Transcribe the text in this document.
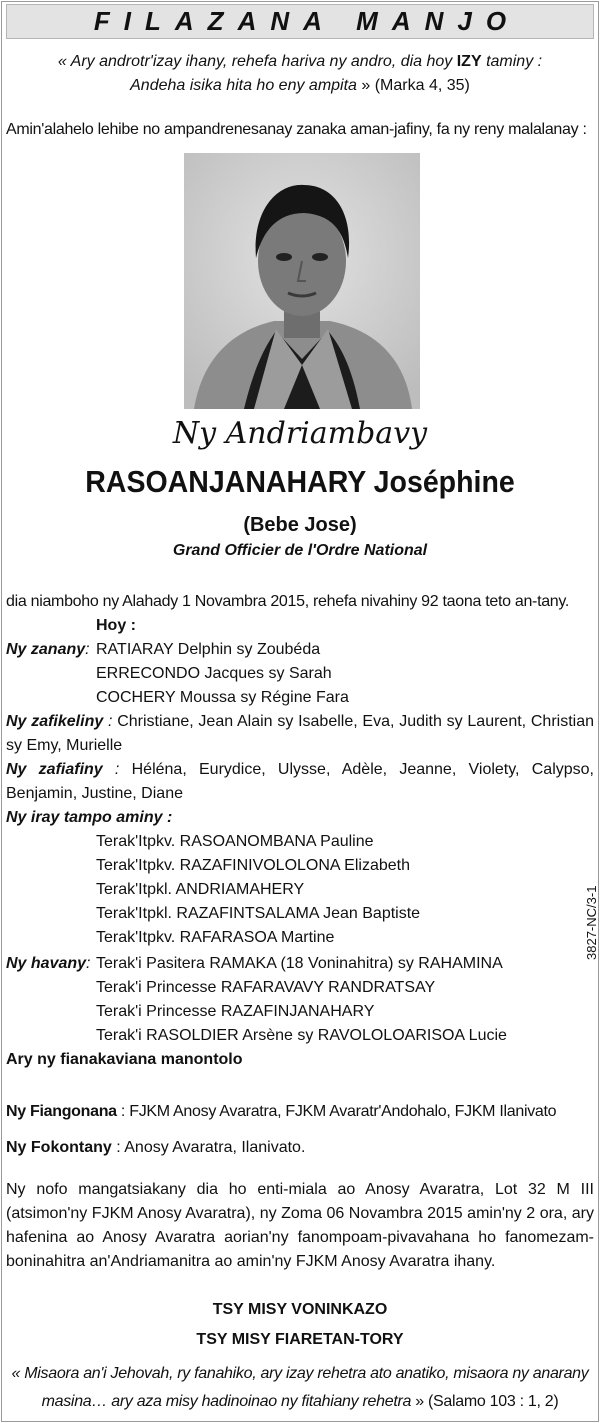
FILAZANA MANJO
« Ary androtr'izay ihany, rehefa hariva ny andro, dia hoy IZY taminy :
Andeha isika hita ho eny ampita » (Marka 4, 35)
Amin'alahelo lehibe no ampandrenesanay zanaka aman-jafiny, fa ny reny malalanay :
Ny Andriambavy
RASOANJANAHARY Joséphine
(Bebe Jose)
Grand Officier de l'Ordre National
dia niamboho ny Alahady 1 Novambra 2015, rehefa nivahiny 92 taona teto an-tany.
Hoy :
Ny zanany: RATIARAY Delphin sy Zoubéda
ERRECONDO Jacques sy Sarah
COCHERY Moussa sy Régine Fara
Ny zafikeliny : Christiane, Jean Alain sy Isabelle, Eva, Judith sy Laurent, Christian sy Emy, Murielle
Ny zafiafiny : Héléna, Eurydice, Ulysse, Adèle, Jeanne, Violety, Calypso, Benjamin, Justine, Diane
Ny iray tampo aminy :
Terak'Itpkv. RASOANOMBANA Pauline
Terak'Itpkv. RAZAFINIVOLOLONA Elizabeth
Terak'Itpkl. ANDRIAMAHERY
Terak'Itpkl. RAZAFINTSALAMA Jean Baptiste
Terak'Itpkv. RAFARASOA Martine
Ny havany: Terak'i Pasitera RAMAKA (18 Voninahitra) sy RAHAMINA
Terak'i Princesse RAFARAVAVY RANDRATSAY
Terak'i Princesse RAZAFINJANAHARY
Terak'i RASOLDIER Arsène sy RAVOLOLOARISOA Lucie
Ary ny fianakaviana manontolo
Ny Fiangonana : FJKM Anosy Avaratra, FJKM Avaratr'Andohalo, FJKM Ilanivato
Ny Fokontany : Anosy Avaratra, Ilanivato.
Ny nofo mangatsiakany dia ho enti-miala ao Anosy Avaratra, Lot 32 M III (atsimon'ny FJKM Anosy Avaratra), ny Zoma 06 Novambra 2015 amin'ny 2 ora, ary hafenina ao Anosy Avaratra aorian'ny fanompoam-pivavahana ho fanomezam-boninahitra an'Andriamanitra ao amin'ny FJKM Anosy Avaratra ihany.
TSY MISY VONINKAZO
TSY MISY FIARETAN-TORY
« Misaora an'i Jehovah, ry fanahiko, ary izay rehetra ato anatiko, misaora ny anarany
masina… ary aza misy hadinoinao ny fitahiany rehetra » (Salamo 103 : 1, 2)
3827-NC/3-1
